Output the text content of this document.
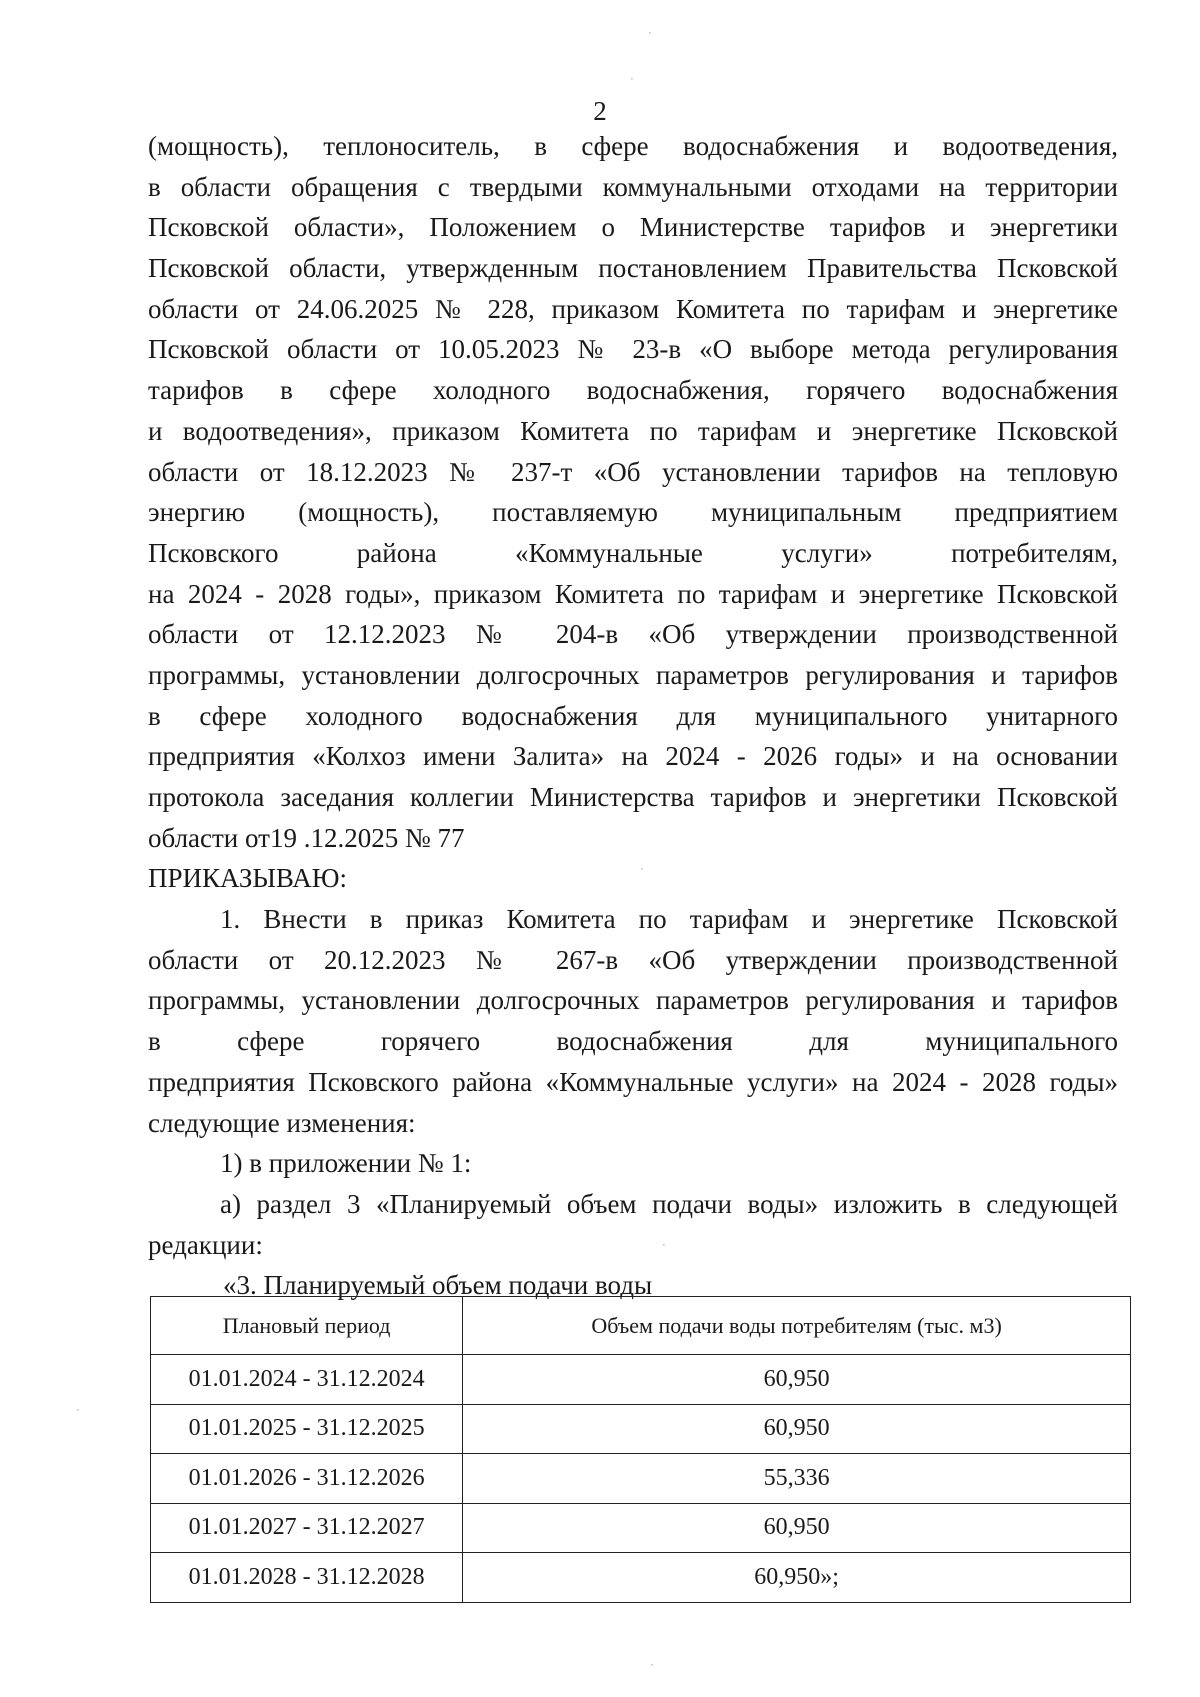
2
(мощность), теплоноситель, в сфере водоснабжения и водоотведения,
в области обращения с твердыми коммунальными отходами на территории
Псковской области», Положением о Министерстве тарифов и энергетики
Псковской области, утвержденным постановлением Правительства Псковской
области от 24.06.2025 № 228, приказом Комитета по тарифам и энергетике
Псковской области от 10.05.2023 № 23-в «О выборе метода регулирования
тарифов в сфере холодного водоснабжения, горячего водоснабжения
и водоотведения», приказом Комитета по тарифам и энергетике Псковской
области от 18.12.2023 № 237-т «Об установлении тарифов на тепловую
энергию (мощность), поставляемую муниципальным предприятием
Псковского района «Коммунальные услуги» потребителям,
на 2024 - 2028 годы», приказом Комитета по тарифам и энергетике Псковской
области от 12.12.2023 № 204-в «Об утверждении производственной
программы, установлении долгосрочных параметров регулирования и тарифов
в сфере холодного водоснабжения для муниципального унитарного
предприятия «Колхоз имени Залита» на 2024 - 2026 годы» и на основании
протокола заседания коллегии Министерства тарифов и энергетики Псковской
области от19 .12.2025 № 77
ПРИКАЗЫВАЮ:
1. Внести в приказ Комитета по тарифам и энергетике Псковской
области от 20.12.2023 № 267-в «Об утверждении производственной
программы, установлении долгосрочных параметров регулирования и тарифов
в сфере горячего водоснабжения для муниципального
предприятия Псковского района «Коммунальные услуги» на 2024 - 2028 годы»
следующие изменения:
1) в приложении № 1:
а) раздел 3 «Планируемый объем подачи воды» изложить в следующей
редакции:
«3. Планируемый объем подачи воды
Плановый период	Объем подачи воды потребителям (тыс. м3)
01.01.2024 - 31.12.2024	60,950
01.01.2025 - 31.12.2025	60,950
01.01.2026 - 31.12.2026	55,336
01.01.2027 - 31.12.2027	60,950
01.01.2028 - 31.12.2028	60,950»;
·
·
·
·
·
·
